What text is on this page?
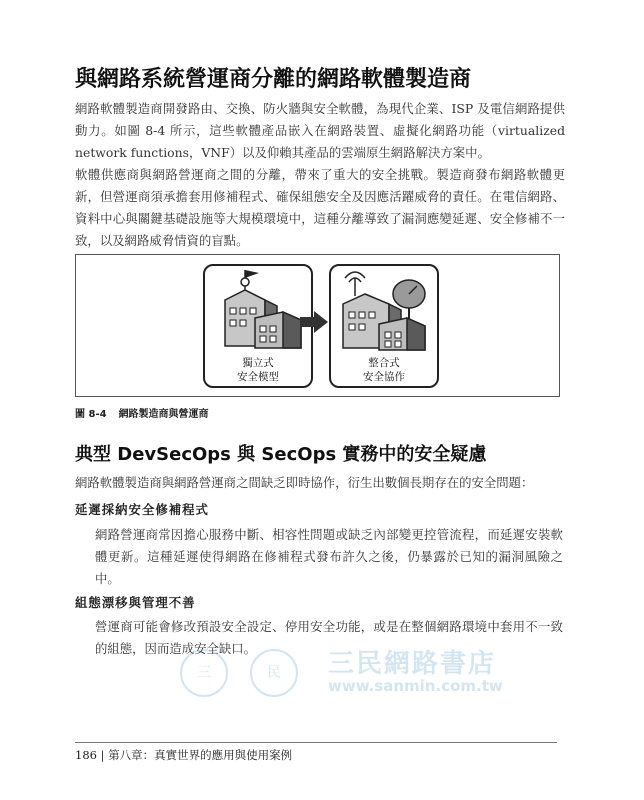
與網路系統營運商分離的網路軟體製造商

網路軟體製造商開發路由、交換、防火牆與安全軟體，為現代企業、ISP 及電信網路提供動力。如圖 8-4 所示，這些軟體產品嵌入在網路裝置、虛擬化網路功能（virtualized network functions，VNF）以及仰賴其產品的雲端原生網路解決方案中。

軟體供應商與網路營運商之間的分離，帶來了重大的安全挑戰。製造商發布網路軟體更新，但營運商須承擔套用修補程式、確保組態安全及因應活躍威脅的責任。在電信網路、資料中心與關鍵基礎設施等大規模環境中，這種分離導致了漏洞應變延遲、安全修補不一致，以及網路威脅情資的盲點。

獨立式
安全模型
整合式
安全協作
圖 8-4 網路製造商與營運商
典型 DevSecOps 與 SecOps 實務中的安全疑慮

網路軟體製造商與網路營運商之間缺乏即時協作，衍生出數個長期存在的安全問題：

延遲採納安全修補程式

網路營運商常因擔心服務中斷、相容性問題或缺乏內部變更控管流程，而延遲安裝軟體更新。這種延遲使得網路在修補程式發布許久之後，仍暴露於已知的漏洞風險之中。

組態漂移與管理不善

營運商可能會修改預設安全設定、停用安全功能，或是在整個網路環境中套用不一致的組態，因而造成安全缺口。

三	民	三民網路書店
www.sanmin.com.tw
186 | 第八章：真實世界的應用與使用案例
